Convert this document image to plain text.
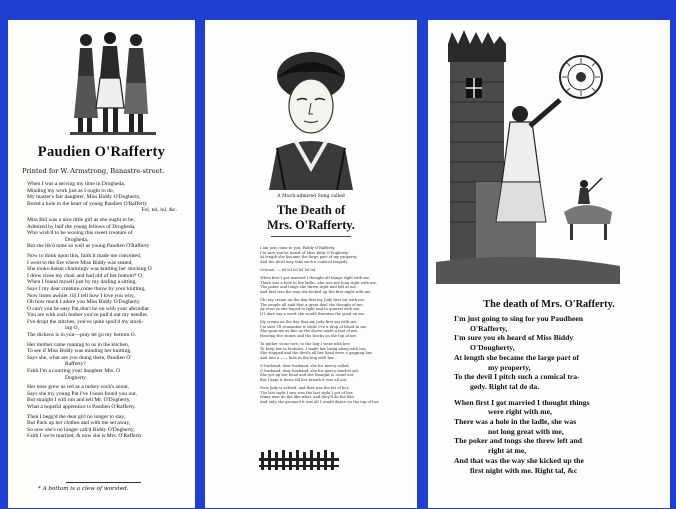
Paudien O'Rafferty
Printed for W. Armstrong, Banastre-street.
When I was a serving my time in Drogheda,
Minding my work just as I ought to do,
My master's fair daughter, Miss Biddy O'Dogherty,
Bored a hole in the heart of young Paudien O'Rafferty
Fol, tol, lol, &c.
Miss Bid was a nice little girl as she ought to be,
Admired by half the young fellows of Drogheda,
Who wish'd to be wooing this sweet creature of
Drogheda,
But she lik'd none so well as young Paudien O'Rafferty
Now to think upon this, faith it made me conceited,
I went to the fire where Miss Biddy was seated,
She looks-daisnt charmingv was knitting her stocking O
I drew close my chair and had old of her bottom* O,
When I found myself just by my darling a sitting,
Says I my dear creature,come throw by your knitting,
Now listen awhile, till I tell how I love you why,
Oh how much I adore you Miss Biddy O'Dogherty.
O can't you be easy Pat,don't be on with your afecedlar
You are with such bother you've pull'd out my needles
I've dropt the stitches, you've quite spoil'd my stock-
ing O,
The dickens is in you—pray let go my bottom O.
Her mother came running to us in the kitchen,
To see if Miss Biddy was minding her knitting,
Says she, what are you doing there, Paudien O'
Rafferty?
Faith I'm a courting your daughter Mrs. O
Dogherty.
Her nose grew as red as a turkey cock's snout,
Says she my young Pat I've I soon found you out,
But straight I will run and tell Mr. O'Dogherty,
What a hopeful apprentice is Paudien O'Rafferty.
Then I begg'd the dear girl no longer to stay,
But Pack up her clothes and with me set away,
So now she's no longer call'd Biddy O'Dogherty,
Faith I we're married, & now she is Mrs. O'Rafferty.
* A bottom is a clew of worsted.
A Much-admired Song called
The Death of
Mrs. O'Rafferty.
I am just come to you, Paddy O'Rafferty,
I'm sure you've heard of Miss Kitty O'Dogherty.
At length she became the large part of my property,
And the devil may take such a comical tragedy.
Ochone, — fol lol lol lol lol lal.
When first I got married I thought all things right with me,
There was a hole in the ladle—she was not long right with me,
The poker and tongs she threw right and left at me,
And that was the way she kicked up the first night with me.
Oh! my cream on the day that my Judy first sat with me,
The people all said that a great deal she thought of me,
Ay even so she hoped to fight and to quarrel with me,
If I dare say a word she would threaten the good on me.
My cream on the day that my Judy first sat with me,
I'm sure I'll remember it while I've a drop of blood in me,
She spun me as fine as the above made a fool of me,
Heaving the stones and the bricks on the top of me.
To gather stone tore, to the hog I went with her,
To keep her in features, I made her bring along with her,
She stopped and the devils all her head were a gagging her,
And into a —— hole in the bog with her.
O husband, dear husband, she for mercy called,
O husband, dear husband, she for mercy bawled out,
She got up her head and she thought to crawl out,
But I kept it down till her breath it was all out.
Now Judy is settled, and that was the fat of her,
The last sight I saw was the last sight I got of her,
Many men do the like,what, and they'll do the like,
And only she groaned it was all I would dance on the top of her.
The death of Mrs. O'Rafferty.
I'm just going to sing for you Paudheen
O'Rafferty,
I'm sure you eh heard of Miss Biddy
O'Dougherty,
At length she became the large part of
my property,
To the devil I pitch such a comical tra-
gedy. Right tal de da.
When first I got married I thought things
were right with me,
There was a hole in the ladle, she was
not long great with me,
The poker and tongs she threw left and
right at me,
And that was the way she kicked up the
first night with me. Right tal, &c
